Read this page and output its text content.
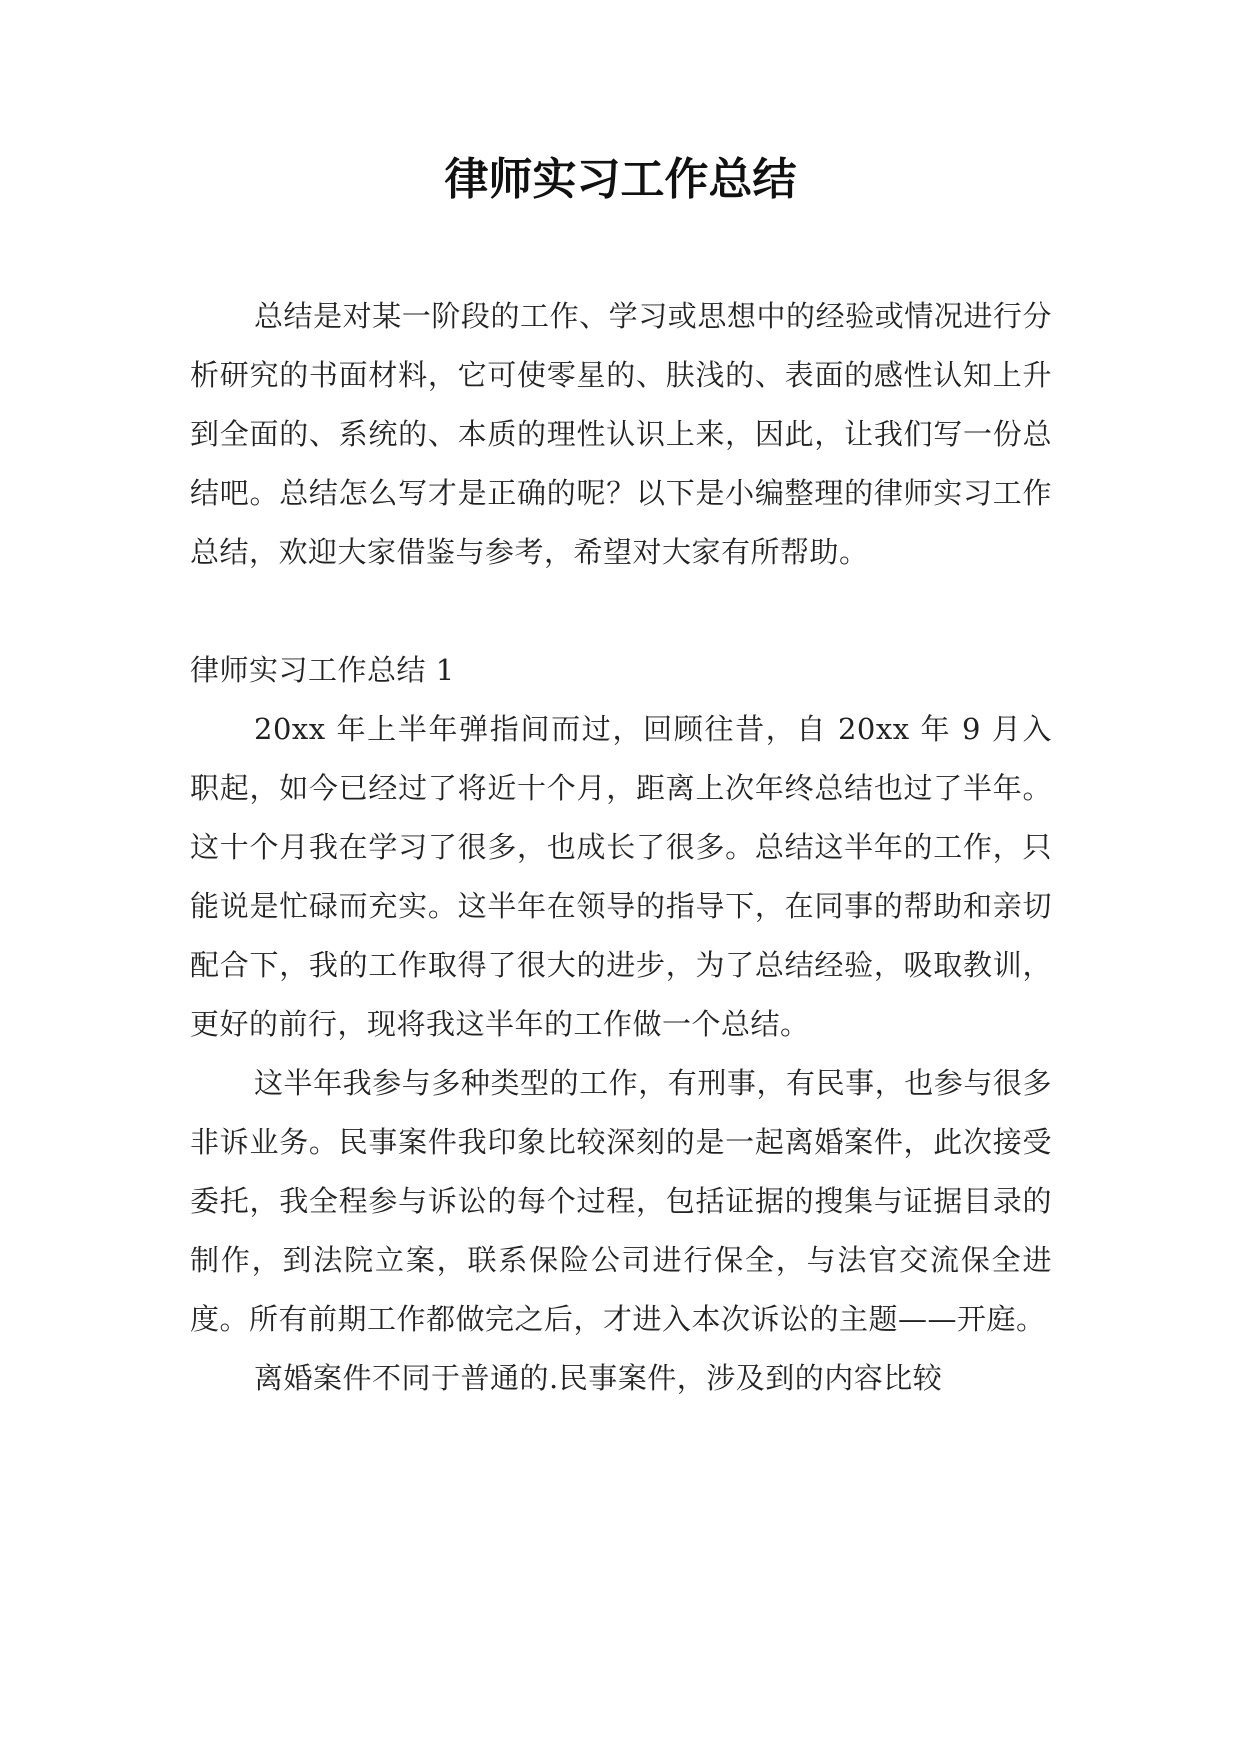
律师实习工作总结

总结是对某一阶段的工作、学习或思想中的经验或情况进行分析研究的书面材料，它可使零星的、肤浅的、表面的感性认知上升到全面的、系统的、本质的理性认识上来，因此，让我们写一份总结吧。总结怎么写才是正确的呢？以下是小编整理的律师实习工作总结，欢迎大家借鉴与参考，希望对大家有所帮助。

律师实习工作总结 1

20xx 年上半年弹指间而过，回顾往昔，自 20xx 年 9 月入职起，如今已经过了将近十个月，距离上次年终总结也过了半年。这十个月我在学习了很多，也成长了很多。总结这半年的工作，只能说是忙碌而充实。这半年在领导的指导下，在同事的帮助和亲切配合下，我的工作取得了很大的进步，为了总结经验，吸取教训，更好的前行，现将我这半年的工作做一个总结。

这半年我参与多种类型的工作，有刑事，有民事，也参与很多非诉业务。民事案件我印象比较深刻的是一起离婚案件，此次接受委托，我全程参与诉讼的每个过程，包括证据的搜集与证据目录的制作，到法院立案，联系保险公司进行保全，与法官交流保全进度。所有前期工作都做完之后，才进入本次诉讼的主题——开庭。

离婚案件不同于普通的.民事案件，涉及到的内容比较
